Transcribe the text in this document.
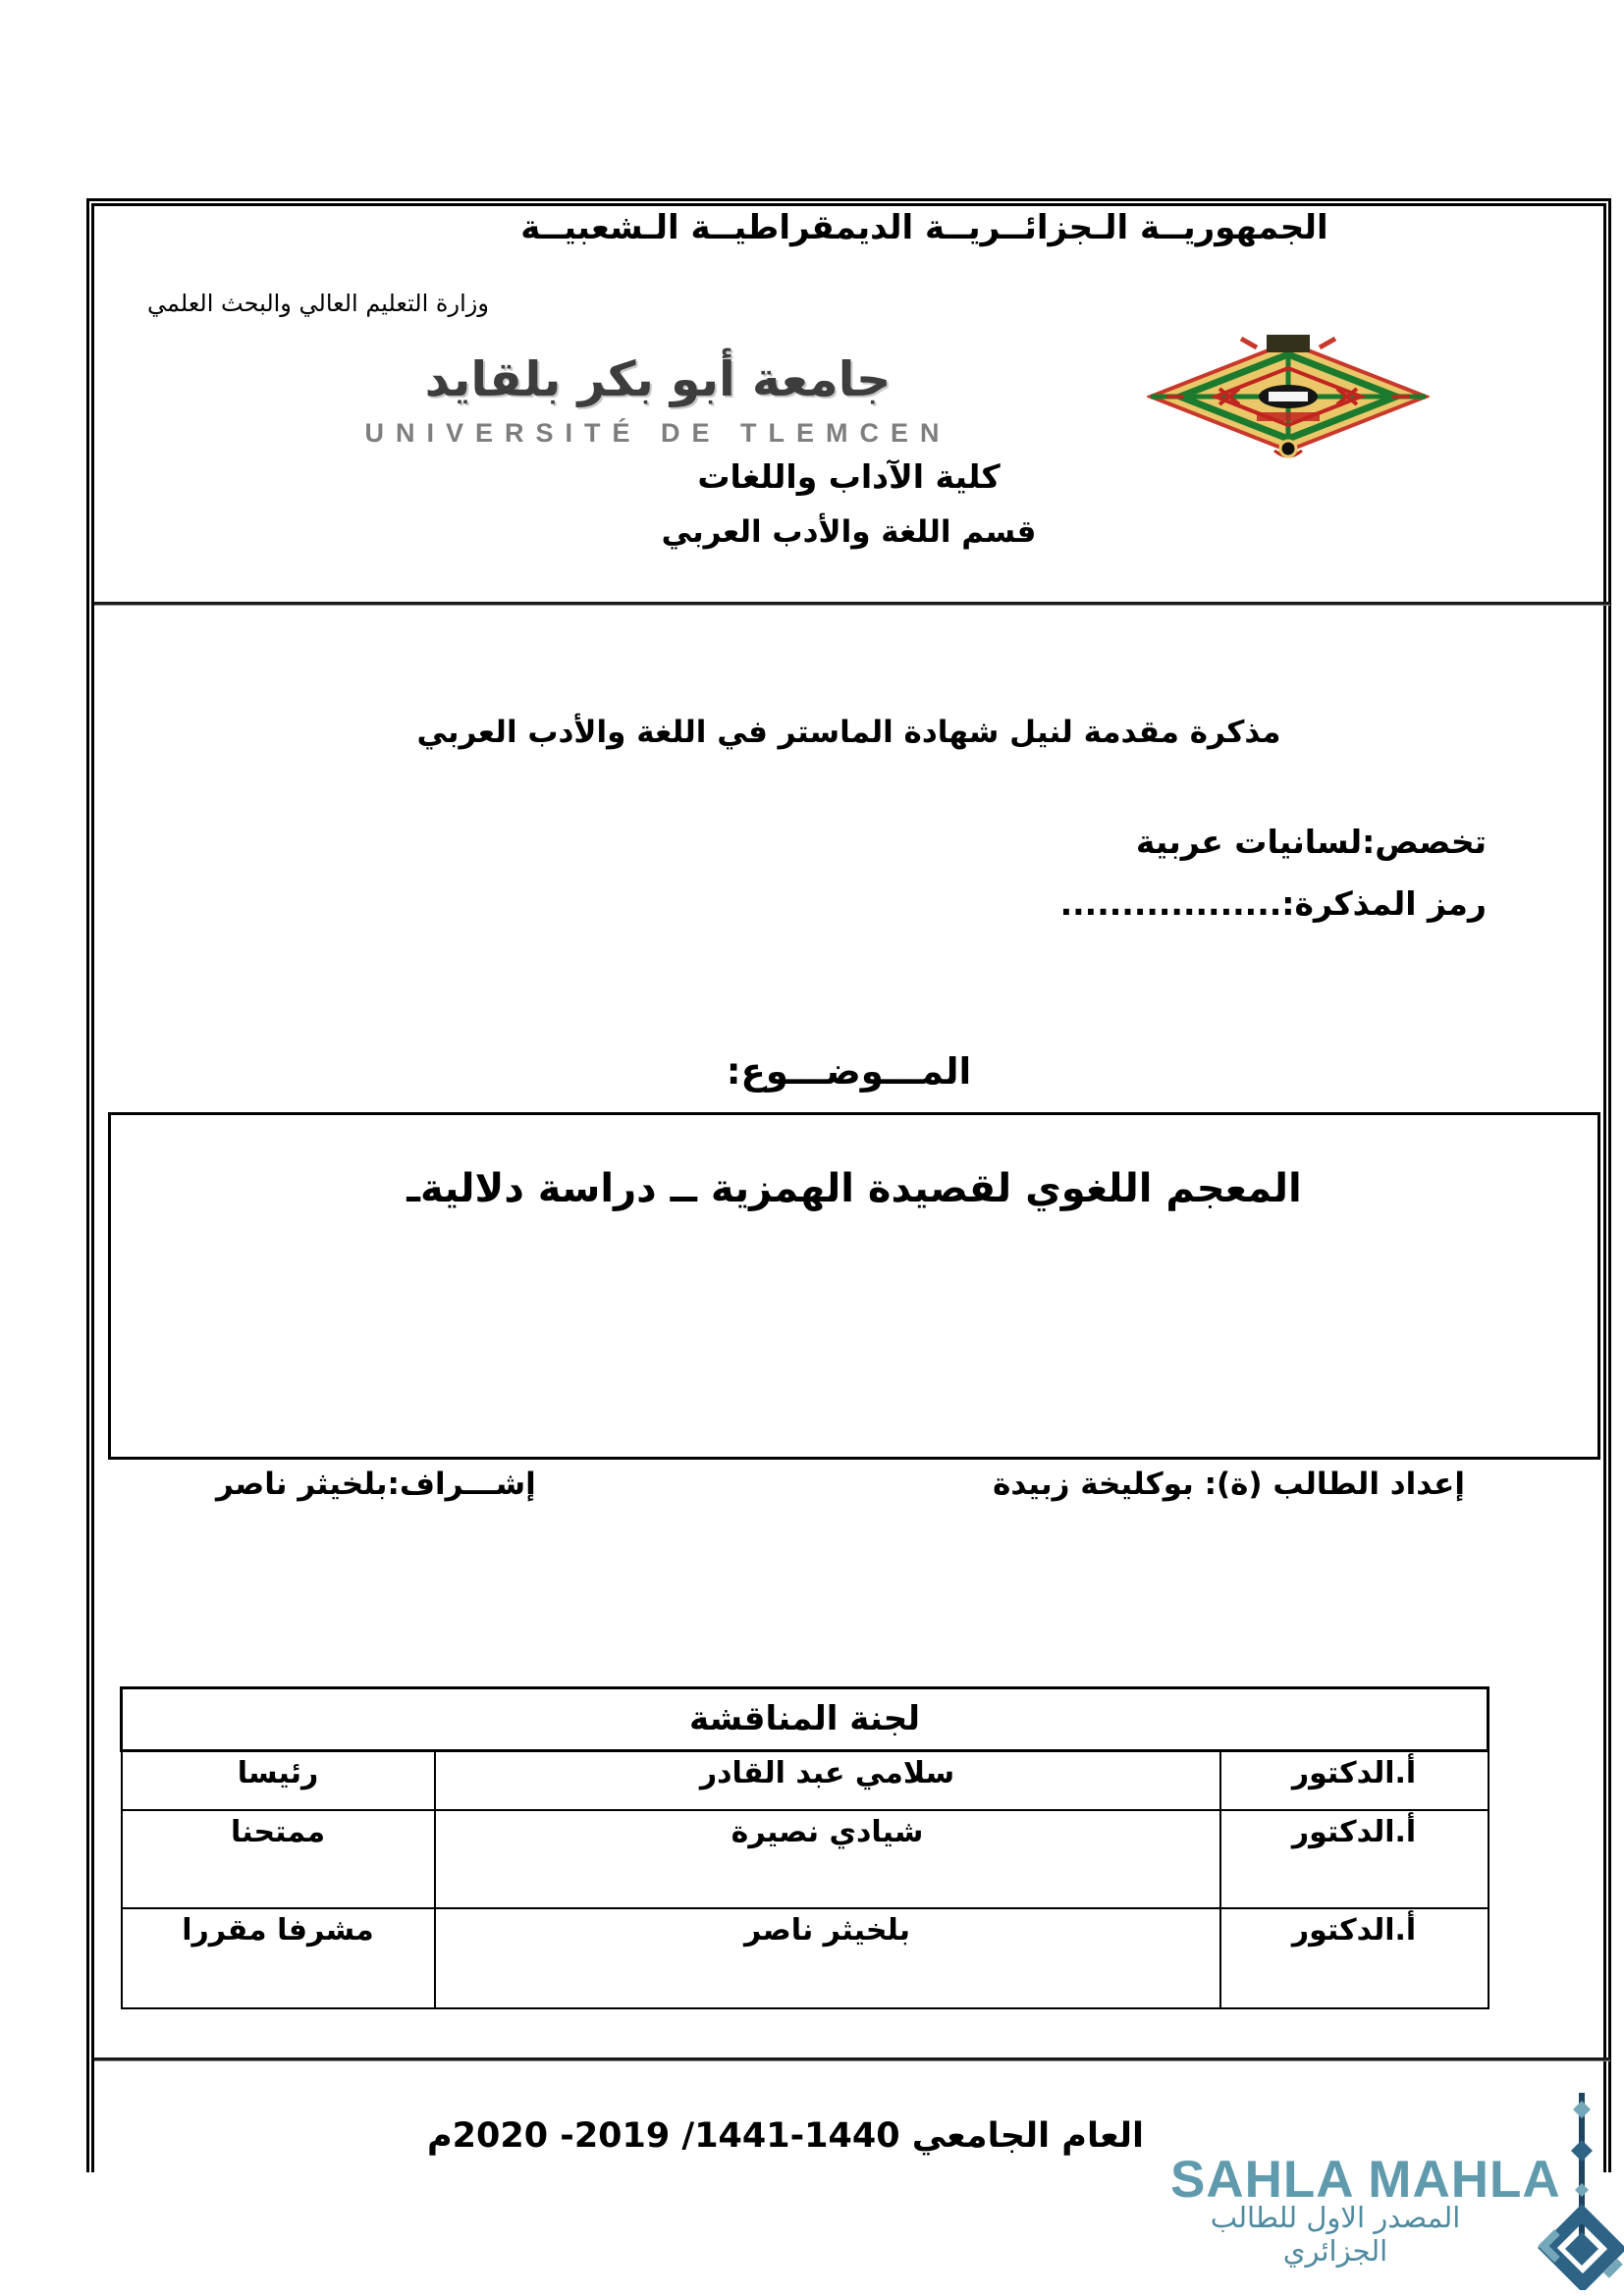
الجمهوريــة الـجزائــريــة الديمقراطيــة الـشعبيــة
وزارة التعليم العالي والبحث العلمي
جامعة أبو بكر بلقايد
UNIVERSITÉ DE TLEMCEN
كلية الآداب واللغات
قسم اللغة والأدب العربي
مذكرة مقدمة لنيل شهادة الماستر في اللغة والأدب العربي
تخصص:لسانيات عربية
رمز المذكرة:..................
المـــوضـــوع:
المعجم اللغوي لقصيدة الهمزية ــ دراسة دلاليةـ
إعداد الطالب (ة): بوكليخة زبيدة
إشـــراف:بلخيثر ناصر
لجنة المناقشة		
أ.الدكتور	سلامي عبد القادر	رئيسا
أ.الدكتور	شيادي نصيرة	ممتحنا
أ.الدكتور	بلخيثر ناصر	مشرفا مقررا
العام الجامعي 1440-1441/ 2019- 2020م
SAHLA MAHLA
المصدر الاول للطالب الجزائري
